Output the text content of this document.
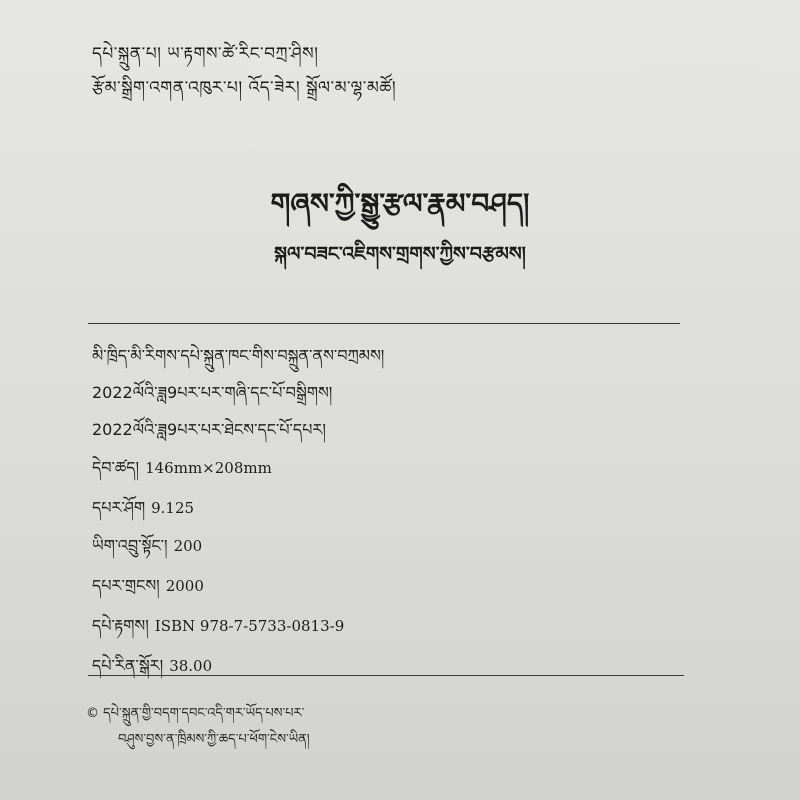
དཔེ་སྐྲུན་པ། ཡ་རྟགས་ཚེ་རིང་བཀྲ་ཤིས།
རྩོམ་སྒྲིག་འགན་འཁུར་པ། འོད་ཟེར། སྒྲོལ་མ་ལྷ་མཚོ།
གཞས་ཀྱི་སྒྱུ་རྩལ་རྣམ་བཤད།
སྐལ་བཟང་འཇིགས་གྲགས་ཀྱིས་བརྩམས།
མི་ཁྲིད་མི་རིགས་དཔེ་སྐྲུན་ཁང་གིས་བསྐྲུན་ནས་བཀྲམས།
2022ལོའི་ཟླ9པར་པར་གཞི་དང་པོ་བསྒྲིགས།
2022ལོའི་ཟླ9པར་པར་ཐེངས་དང་པོ་དཔར།
དེབ་ཚད། 146mm×208mm
དཔར་ཤོག 9.125
ཡིག་འབྲུ་སྟོང་། 200
དཔར་གྲངས། 2000
དཔེ་རྟགས། ISBN 978-7-5733-0813-9
དཔེ་རིན་སྒོར། 38.00
© དཔེ་སྐྲུན་གྱི་བདག་དབང་འདི་གར་ཡོད་པས་པར་
བཤུས་བྱས་ན་ཁྲིམས་ཀྱི་ཆད་པ་ཕོག་ངེས་ཡིན།
